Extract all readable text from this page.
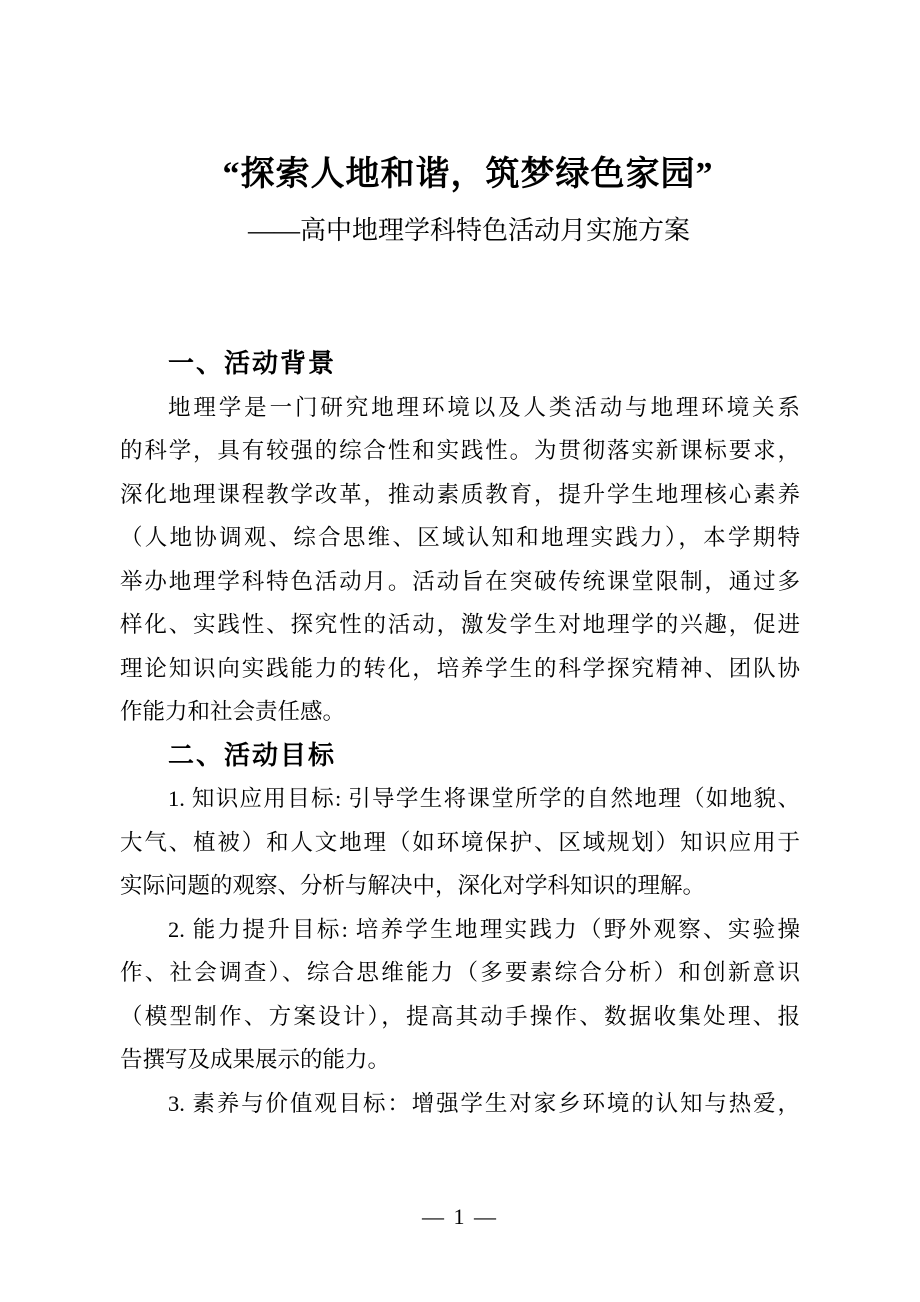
“探索人地和谐，筑梦绿色家园”
——高中地理学科特色活动月实施方案
一、活动背景
地理学是一门研究地理环境以及人类活动与地理环境关系
的科学，具有较强的综合性和实践性。为贯彻落实新课标要求，
深化地理课程教学改革，推动素质教育，提升学生地理核心素养
（人地协调观、综合思维、区域认知和地理实践力），本学期特
举办地理学科特色活动月。活动旨在突破传统课堂限制，通过多
样化、实践性、探究性的活动，激发学生对地理学的兴趣，促进
理论知识向实践能力的转化，培养学生的科学探究精神、团队协
作能力和社会责任感。
二、活动目标
1. 知识应用目标: 引导学生将课堂所学的自然地理（如地貌、
大气、植被）和人文地理（如环境保护、区域规划）知识应用于
实际问题的观察、分析与解决中，深化对学科知识的理解。
2. 能力提升目标: 培养学生地理实践力（野外观察、实验操
作、社会调查）、综合思维能力（多要素综合分析）和创新意识
（模型制作、方案设计），提高其动手操作、数据收集处理、报
告撰写及成果展示的能力。
3. 素养与价值观目标：增强学生对家乡环境的认知与热爱，
— 1 —
